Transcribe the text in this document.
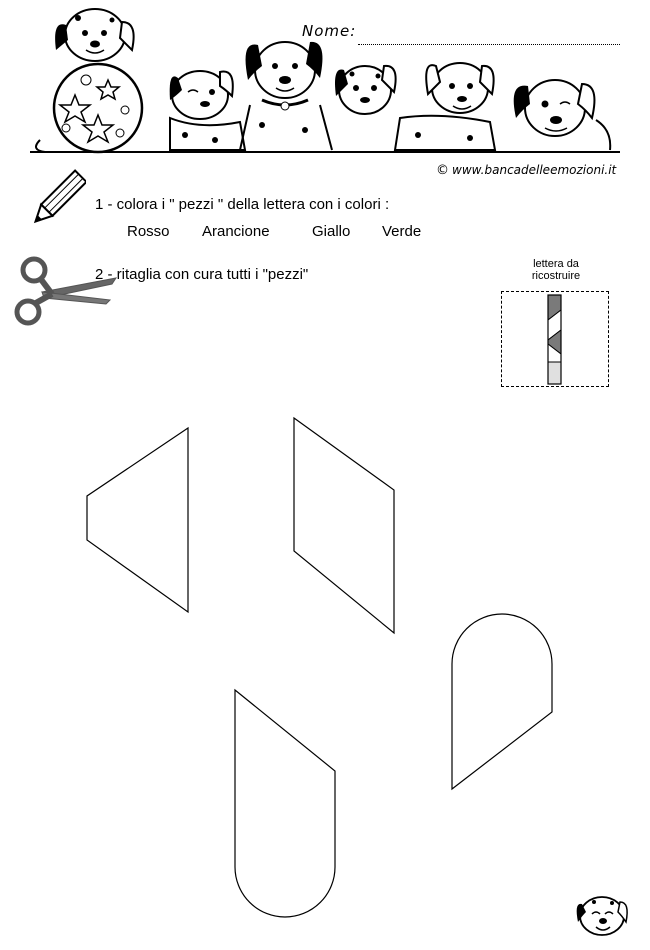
Nome:
© www.bancadelleemozioni.it
1 - colora i " pezzi " della lettera con i colori :
Rosso Arancione	Giallo Verde
2 - ritaglia con cura tutti i "pezzi"
lettera da
ricostruire
